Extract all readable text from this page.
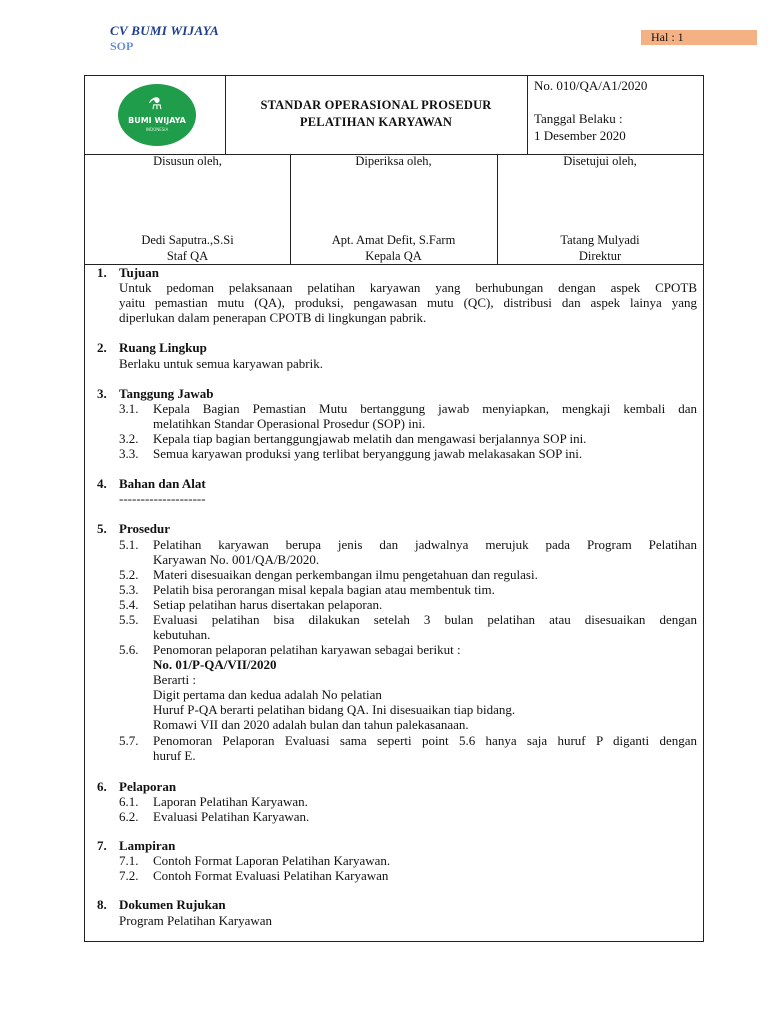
CV BUMI WIJAYA
SOP
Hal : 1
⚗
BUMI WIJAYA
INDONESIA
STANDAR OPERASIONAL PROSEDUR
PELATIHAN KARYAWAN
No. 010/QA/A1/2020
Tanggal Belaku :
1 Desember 2020
Disusun oleh,
Dedi Saputra.,S.Si
Staf QA
Diperiksa oleh,
Apt. Amat Defit, S.Farm
Kepala QA
Disetujui oleh,
Tatang Mulyadi
Direktur
1. Tujuan
Untuk pedoman pelaksanaan pelatihan karyawan yang berhubungan dengan aspek CPOTB
yaitu pemastian mutu (QA), produksi, pengawasan mutu (QC), distribusi dan aspek lainya yang
diperlukan dalam penerapan CPOTB di lingkungan pabrik.
2. Ruang Lingkup
Berlaku untuk semua karyawan pabrik.
3. Tanggung Jawab
3.1. Kepala Bagian Pemastian Mutu bertanggung jawab menyiapkan, mengkaji kembali dan
melatihkan Standar Operasional Prosedur (SOP) ini.
3.2. Kepala tiap bagian bertanggungjawab melatih dan mengawasi berjalannya SOP ini.
3.3. Semua karyawan produksi yang terlibat beryanggung jawab melakasakan SOP ini.
4. Bahan dan Alat
--------------------
5. Prosedur
5.1. Pelatihan karyawan berupa jenis dan jadwalnya merujuk pada Program Pelatihan
Karyawan No. 001/QA/B/2020.
5.2. Materi disesuaikan dengan perkembangan ilmu pengetahuan dan regulasi.
5.3. Pelatih bisa perorangan misal kepala bagian atau membentuk tim.
5.4. Setiap pelatihan harus disertakan pelaporan.
5.5. Evaluasi pelatihan bisa dilakukan setelah 3 bulan pelatihan atau disesuaikan dengan
kebutuhan.
5.6. Penomoran pelaporan pelatihan karyawan sebagai berikut :
No. 01/P-QA/VII/2020
Berarti :
Digit pertama dan kedua adalah No pelatian
Huruf P-QA berarti pelatihan bidang QA. Ini disesuaikan tiap bidang.
Romawi VII dan 2020 adalah bulan dan tahun palekasanaan.
5.7. Penomoran Pelaporan Evaluasi sama seperti point 5.6 hanya saja huruf P diganti dengan
huruf E.
6. Pelaporan
6.1. Laporan Pelatihan Karyawan.
6.2. Evaluasi Pelatihan Karyawan.
7. Lampiran
7.1. Contoh Format Laporan Pelatihan Karyawan.
7.2. Contoh Format Evaluasi Pelatihan Karyawan
8. Dokumen Rujukan
Program Pelatihan Karyawan
